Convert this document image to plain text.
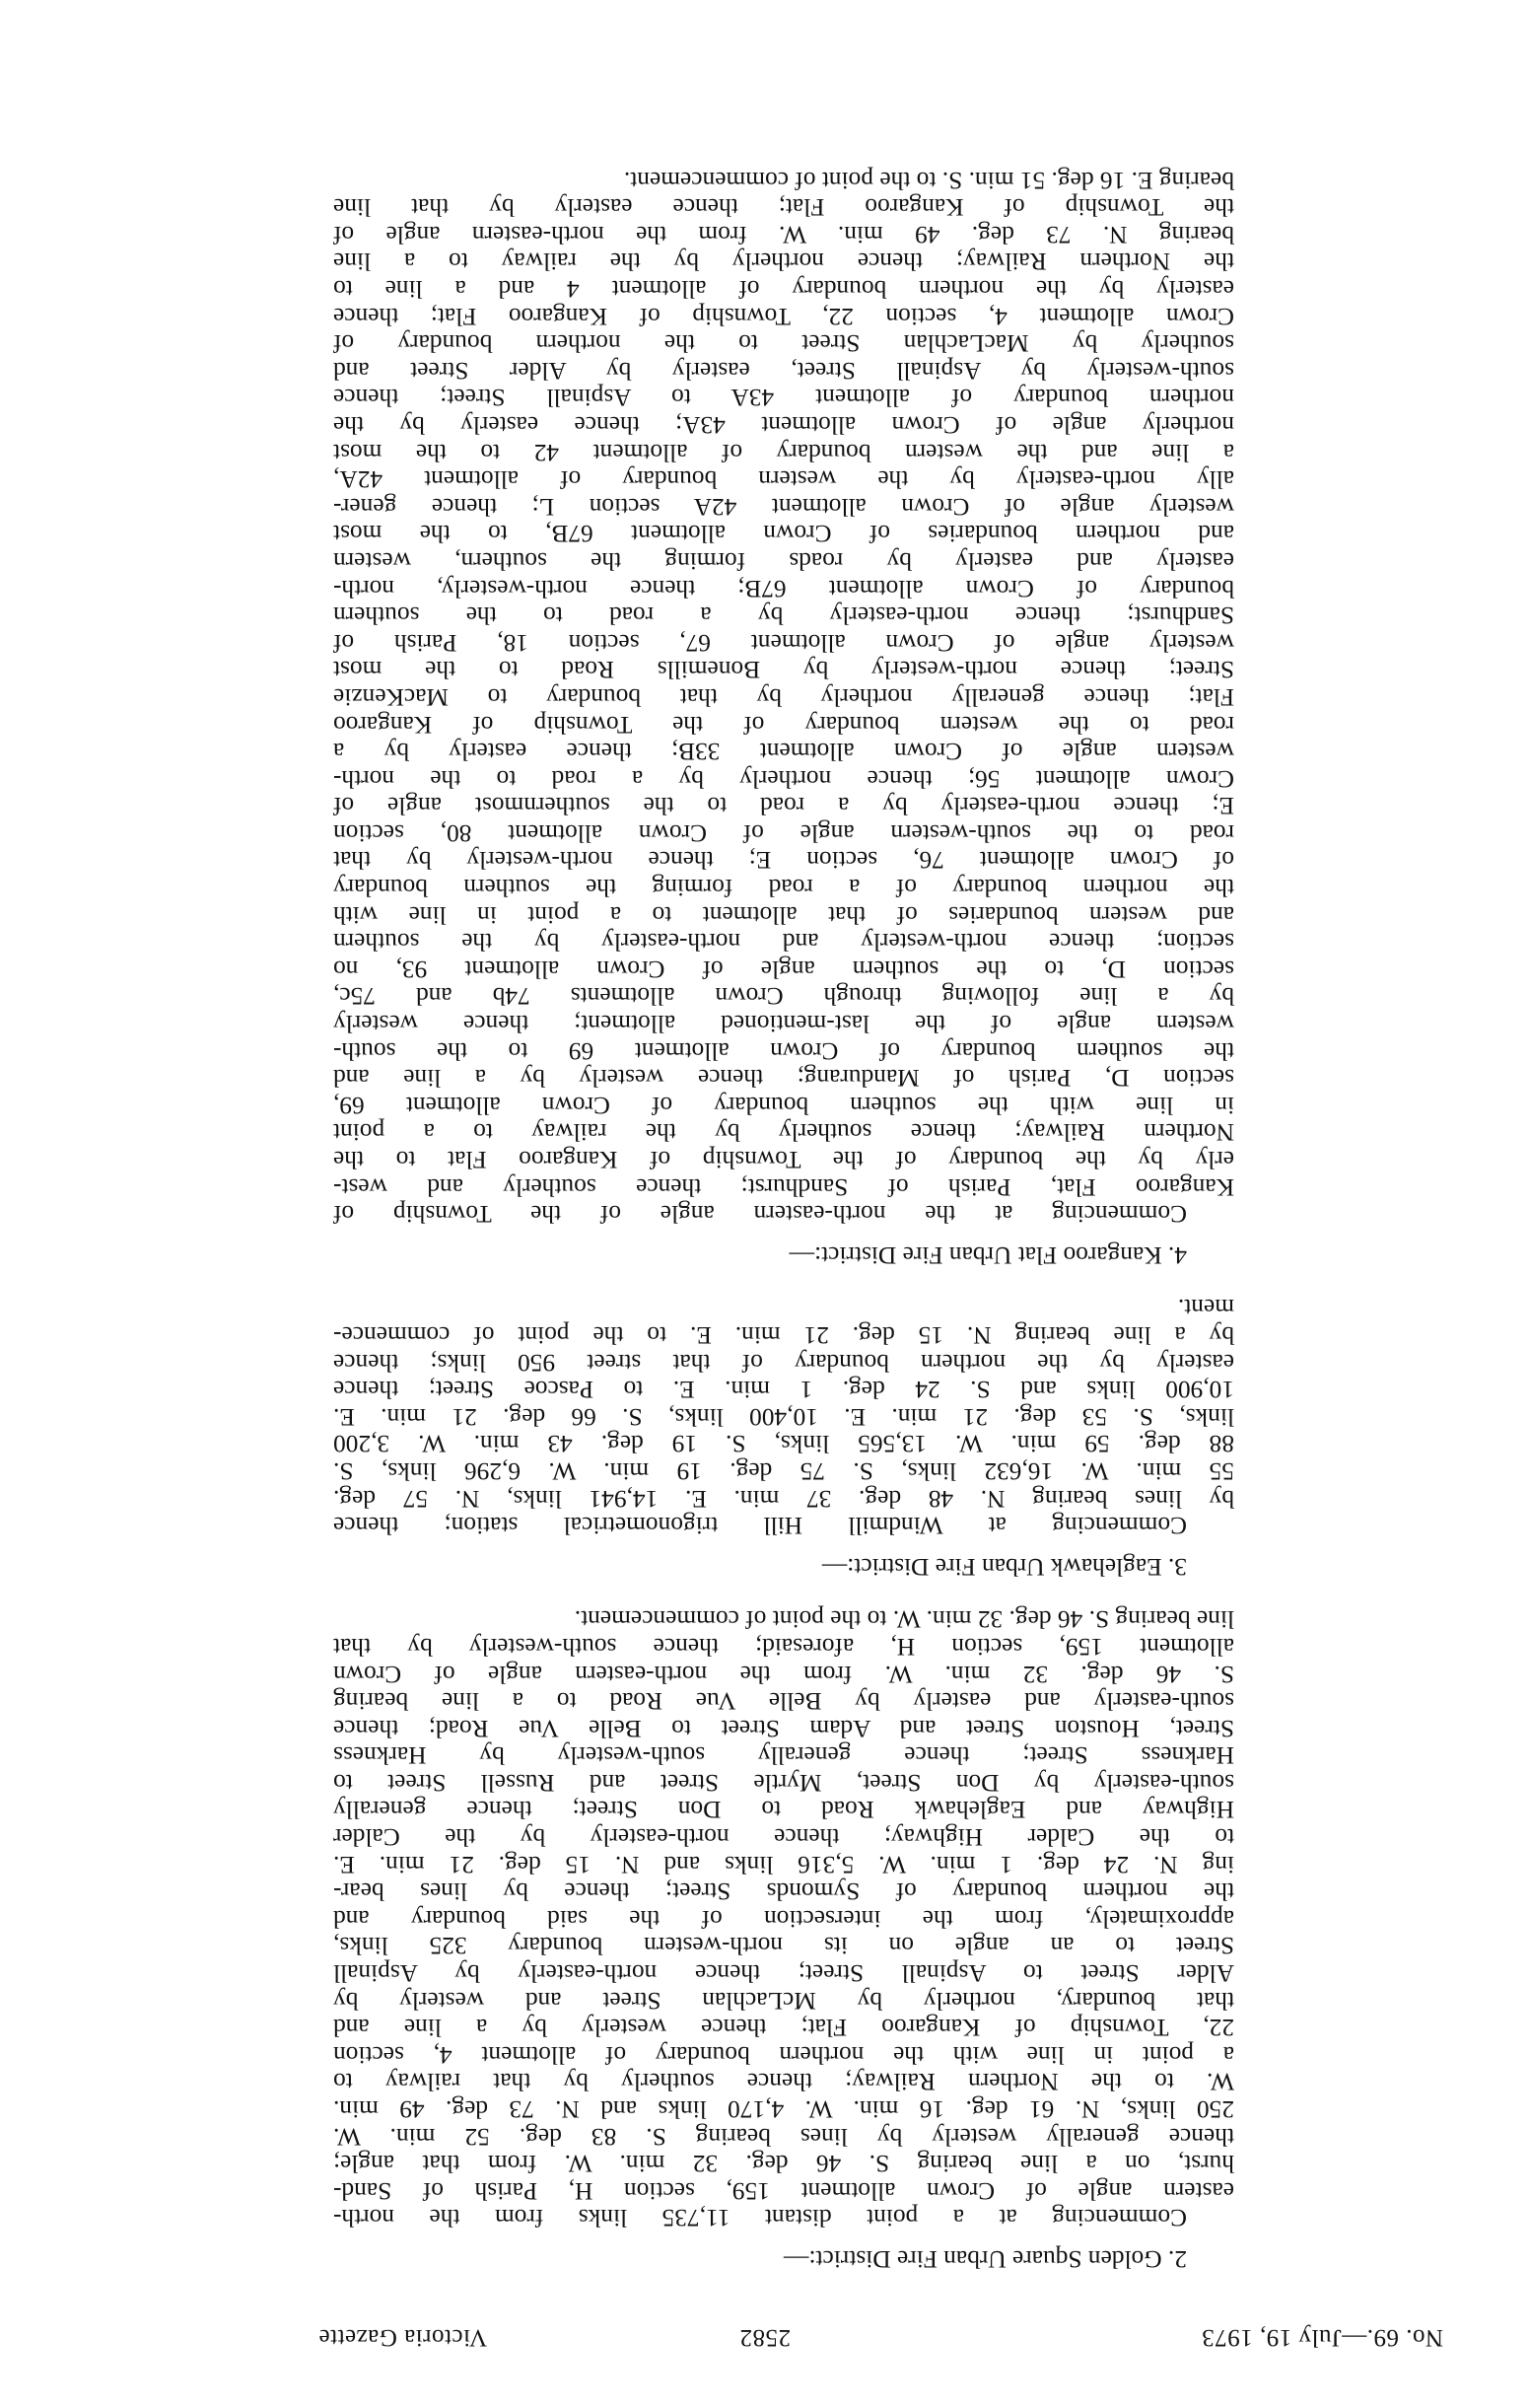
No. 69.—July 19, 1973
2582
Victoria Gazette

2. Golden Square Urban Fire District:—

Commencing at a point distant 11,735 links from the north-
eastern angle of Crown allotment 159, section H, Parish of Sand-
hurst, on a line bearing S. 46 deg. 32 min. W. from that angle;
thence generally westerly by lines bearing S. 83 deg. 52 min. W.
250 links, N. 61 deg. 16 min. W. 4,170 links and N. 73 deg. 49 min.
W. to the Northern Railway; thence southerly by that railway to
a point in line with the northern boundary of allotment 4, section
22, Township of Kangaroo Flat; thence westerly by a line and
that boundary, northerly by McLachlan Street and westerly by
Alder Street to Aspinall Street; thence north-easterly by Aspinall
Street to an angle on its north-western boundary 325 links,
approximately, from the intersection of the said boundary and
the northern boundary of Symonds Street; thence by lines bear-
ing N. 24 deg. 1 min. W. 5,316 links and N. 15 deg. 21 min. E.
to the Calder Highway; thence north-easterly by the Calder
Highway and Eaglehawk Road to Don Street; thence generally
south-easterly by Don Street, Myrtle Street and Russell Street to
Harkness Street; thence generally south-westerly by Harkness
Street, Houston Street and Adam Street to Belle Vue Road; thence
south-easterly and easterly by Belle Vue Road to a line bearing
S. 46 deg. 32 min. W. from the north-eastern angle of Crown
allotment 159, section H, aforesaid; thence south-westerly by that
line bearing S. 46 deg. 32 min. W. to the point of commencement.

3. Eaglehawk Urban Fire District:—

Commencing at Windmill Hill trigonometrical station; thence
by lines bearing N. 48 deg. 37 min. E. 14,941 links, N. 57 deg.
55 min. W. 16,632 links, S. 75 deg. 19 min. W. 6,296 links, S.
88 deg. 59 min. W. 13,565 links, S. 19 deg. 43 min. W. 3,200
links, S. 53 deg. 21 min. E. 10,400 links, S. 66 deg. 21 min. E.
10,900 links and S. 24 deg. 1 min. E. to Pascoe Street; thence
easterly by the northern boundary of that street 950 links; thence
by a line bearing N. 15 deg. 21 min. E. to the point of commence-
ment.

4. Kangaroo Flat Urban Fire District:—

Commencing at the north-eastern angle of the Township of
Kangaroo Flat, Parish of Sandhurst; thence southerly and west-
erly by the boundary of the Township of Kangaroo Flat to the
Northern Railway; thence southerly by the railway to a point
in line with the southern boundary of Crown allotment 69,
section D, Parish of Mandurang; thence westerly by a line and
the southern boundary of Crown allotment 69 to the south-
western angle of the last-mentioned allotment; thence westerly
by a line following through Crown allotments 74b and 75c,
section D, to the southern angle of Crown allotment 93, no
section; thence north-westerly and north-easterly by the southern
and western boundaries of that allotment to a point in line with
the northern boundary of a road forming the southern boundary
of Crown allotment 76, section E; thence north-westerly by that
road to the south-western angle of Crown allotment 80, section
E; thence north-easterly by a road to the southernmost angle of
Crown allotment 56; thence northerly by a road to the north-
western angle of Crown allotment 33B; thence easterly by a
road to the western boundary of the Township of Kangaroo
Flat; thence generally northerly by that boundary to MacKenzie
Street; thence north-westerly by Bonemills Road to the most
westerly angle of Crown allotment 67, section 18, Parish of
Sandhurst; thence north-easterly by a road to the southern
boundary of Crown allotment 67B; thence north-westerly, north-
easterly and easterly by roads forming the southern, western
and northern boundaries of Crown allotment 67B, to the most
westerly angle of Crown allotment 42A section L; thence gener-
ally north-easterly by the western boundary of allotment 42A,
a line and the western boundary of allotment 42 to the most
northerly angle of Crown allotment 43A; thence easterly by the
northern boundary of allotment 43A to Aspinall Street; thence
south-westerly by Aspinall Street, easterly by Alder Street and
southerly by MacLachlan Street to the northern boundary of
Crown allotment 4, section 22, Township of Kangaroo Flat; thence
easterly by the northern boundary of allotment 4 and a line to
the Northern Railway; thence northerly by the railway to a line
bearing N. 73 deg. 49 min. W. from the north-eastern angle of
the Township of Kangaroo Flat; thence easterly by that line
bearing E. 16 deg. 51 min. S. to the point of commencement.
